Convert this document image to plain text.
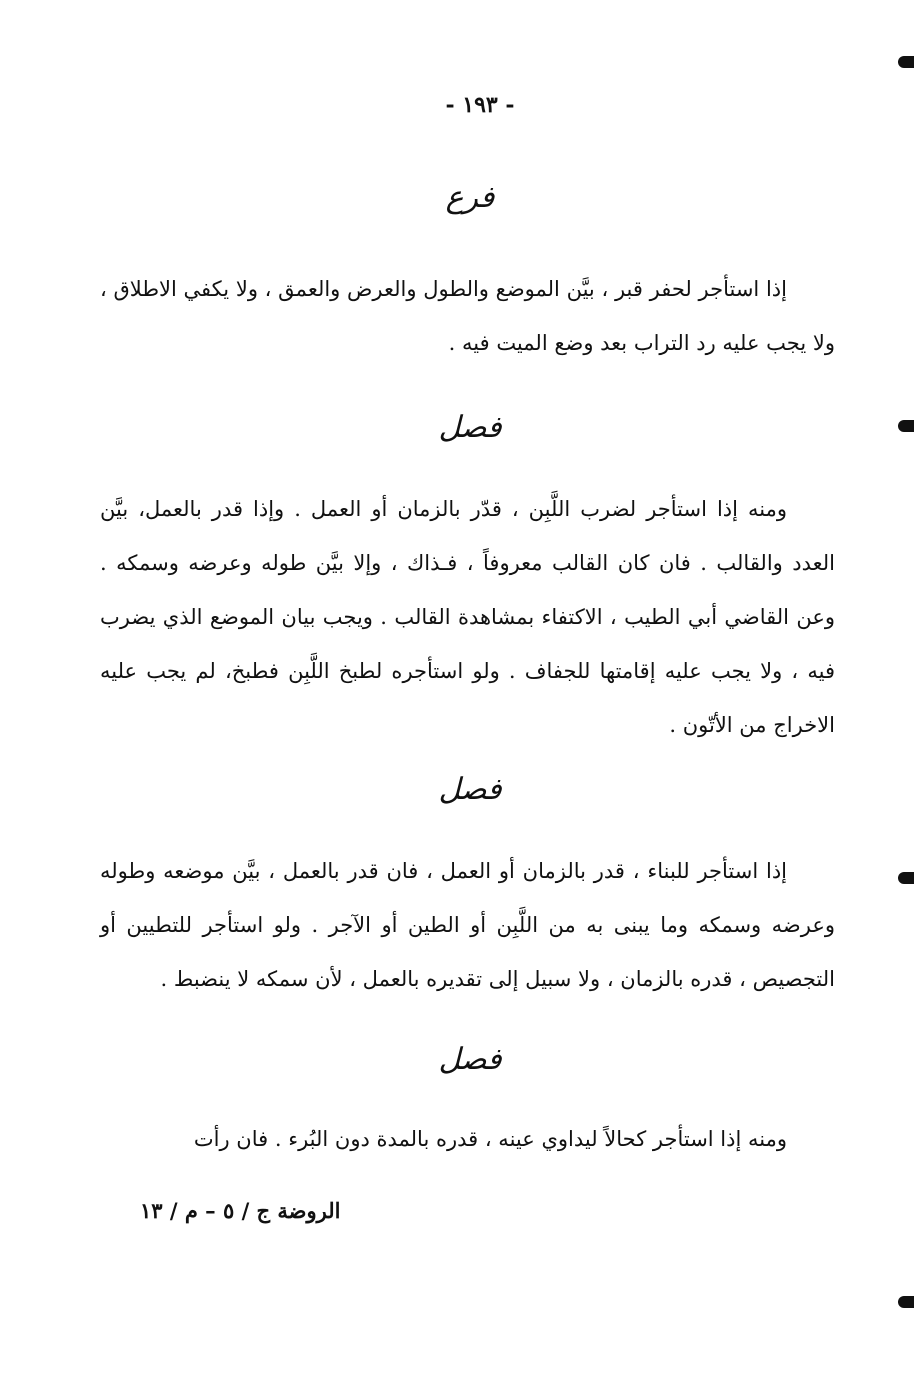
- ١٩٣ -
فرع
إذا استأجر لحفر قبر ، بيَّن الموضع والطول والعرض والعمق ، ولا يكفي الاطلاق ، ولا يجب عليه رد التراب بعد وضع الميت فيه .
فصل
ومنه إذا استأجر لضرب اللَّبِن ، قدّر بالزمان أو العمل . وإذا قدر بالعمل، بيَّن العدد والقالب . فان كان القالب معروفاً ، فـذاك ، وإلا بيَّن طوله وعرضه وسمكه . وعن القاضي أبي الطيب ، الاكتفاء بمشاهدة القالب . ويجب بيان الموضع الذي يضرب فيه ، ولا يجب عليه إقامتها للجفاف . ولو استأجره لطبخ اللَّبِن فطبخ، لم يجب عليه الاخراج من الأتّون .
فصل
إذا استأجر للبناء ، قدر بالزمان أو العمل ، فان قدر بالعمل ، بيَّن موضعه وطوله وعرضه وسمكه وما يبنى به من اللَّبِن أو الطين أو الآجر . ولو استأجر للتطيين أو التجصيص ، قدره بالزمان ، ولا سبيل إلى تقديره بالعمل ، لأن سمكه لا ينضبط .
فصل
ومنه إذا استأجر كحالاً ليداوي عينه ، قدره بالمدة دون البُرء . فان رأت
الروضة ج / ٥ – م / ١٣
